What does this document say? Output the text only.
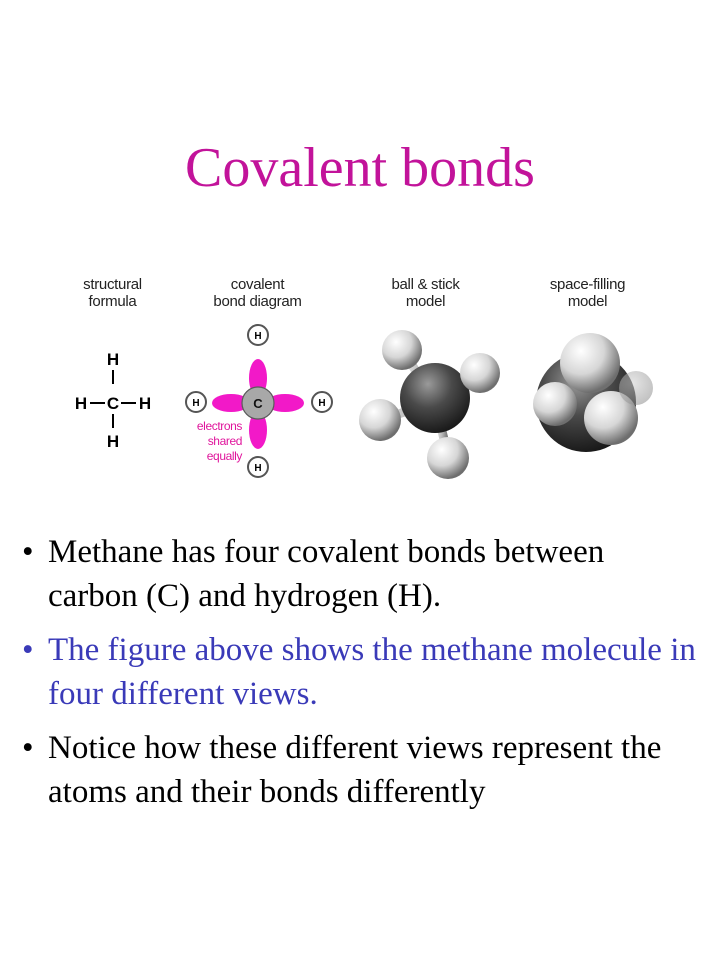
Covalent bonds
structural
formula
covalent
bond diagram
ball & stick
model
space-filling
model
H
H C H
H
C
H
H	H
H
electrons
shared
equally
• Methane has four covalent bonds between carbon (C) and hydrogen (H).
• The figure above shows the methane molecule in four different views.
• Notice how these different views represent the atoms and their bonds differently
